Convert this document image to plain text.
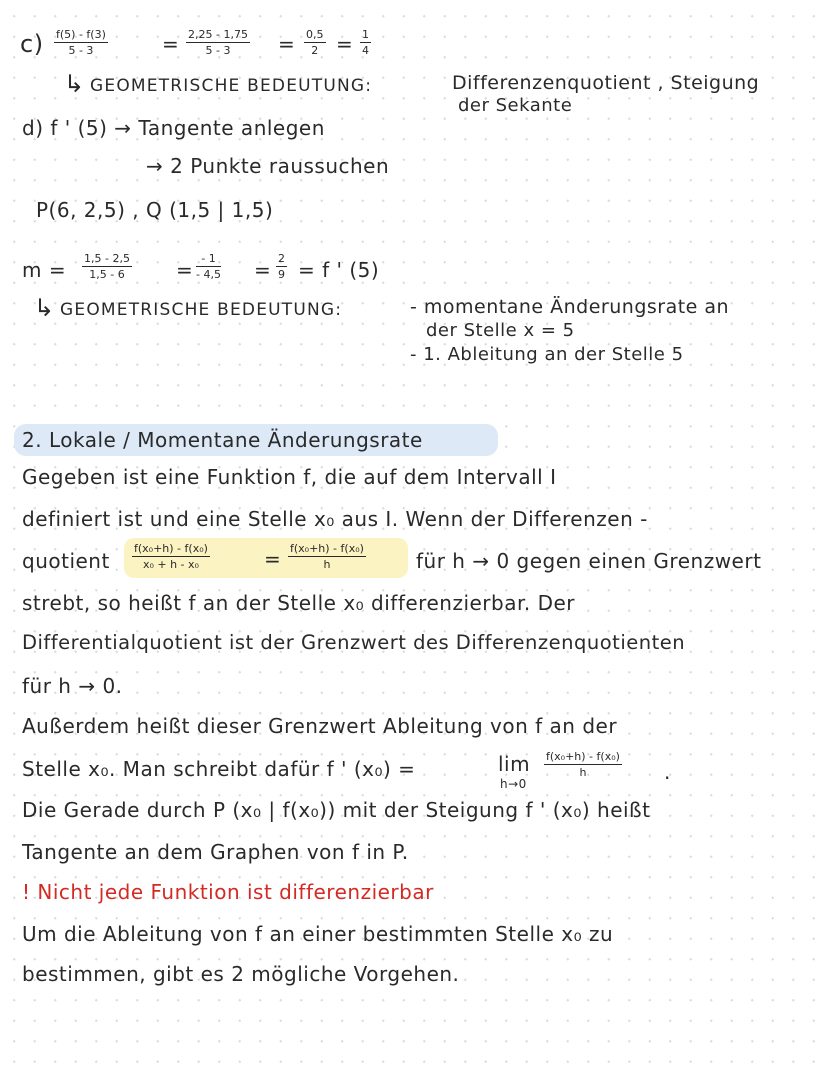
$c) \frac{f(5) - f(3)}{5 - 3}$	= $\frac{2,25 - 1,75}{5 - 3} = \frac{0,5}{2} = \frac{1}{4}$
↳ GEOMETRISCHE BEDEUTUNG:	Differenzenquotient , Steigung
der Sekante
d) f ' (5) → Tangente anlegen
→ 2 Punkte raussuchen
P(6, 2,5) , Q (1,5 | 1,5)
$m = \frac{1,5 - 2,5}{1,5 - 6} = \frac{- 1}{- 4,5} = \frac{2}{9} = f$ ' (5)
↳ GEOMETRISCHE BEDEUTUNG:	- momentane Änderungsrate an
der Stelle x = 5
- 1. Ableitung an der Stelle 5
2. Lokale / Momentane Änderungsrate
Gegeben ist eine Funktion f, die auf dem Intervall I
definiert ist und eine Stelle x₀ aus I. Wenn der Differenzen -
quotient $\frac{\text{f(x₀+h) - f(x₀)}}{\text{x₀ + h - x₀}}$	= $\frac{\text{f(x₀+h) - f(x₀)}}{h}$	für h → 0 gegen einen Grenzwert
strebt, so heißt f an der Stelle x₀ differenzierbar. Der
Differentialquotient ist der Grenzwert des Differenzenquotienten
für h → 0.
Außerdem heißt dieser Grenzwert Ableitung von f an der
Stelle x₀. Man schreibt dafür f ' (x₀) =	lim
h→0
$\frac{\text{f(x₀+h) - f(x₀)}}{h}$ .
Die Gerade durch P (x₀ | f(x₀)) mit der Steigung f ' (x₀) heißt
Tangente an dem Graphen von f in P.
! Nicht jede Funktion ist differenzierbar
Um die Ableitung von f an einer bestimmten Stelle x₀ zu
bestimmen, gibt es 2 mögliche Vorgehen.
